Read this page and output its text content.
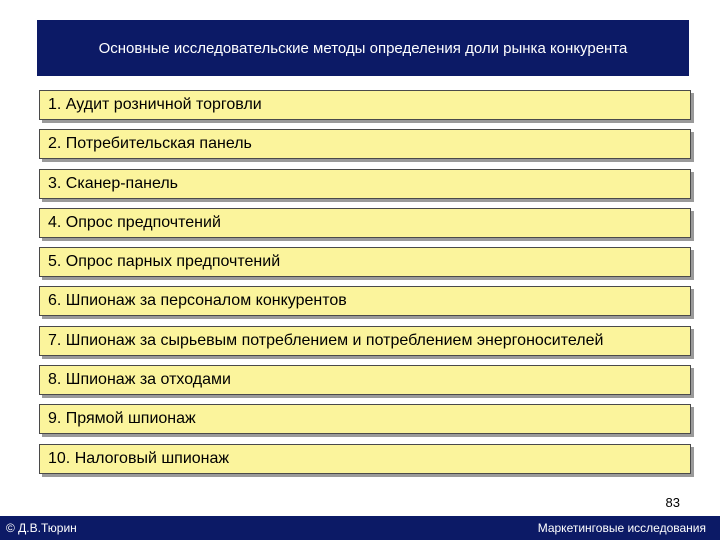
Основные исследовательские методы определения доли рынка конкурента
1. Аудит розничной торговли
2. Потребительская панель
3. Сканер-панель
4. Опрос предпочтений
5. Опрос парных предпочтений
6. Шпионаж за персоналом конкурентов
7. Шпионаж за сырьевым потреблением и потреблением энергоносителей
8. Шпионаж за отходами
9. Прямой шпионаж
10. Налоговый шпионаж
83
© Д.В.Тюрин	Маркетинговые исследования
